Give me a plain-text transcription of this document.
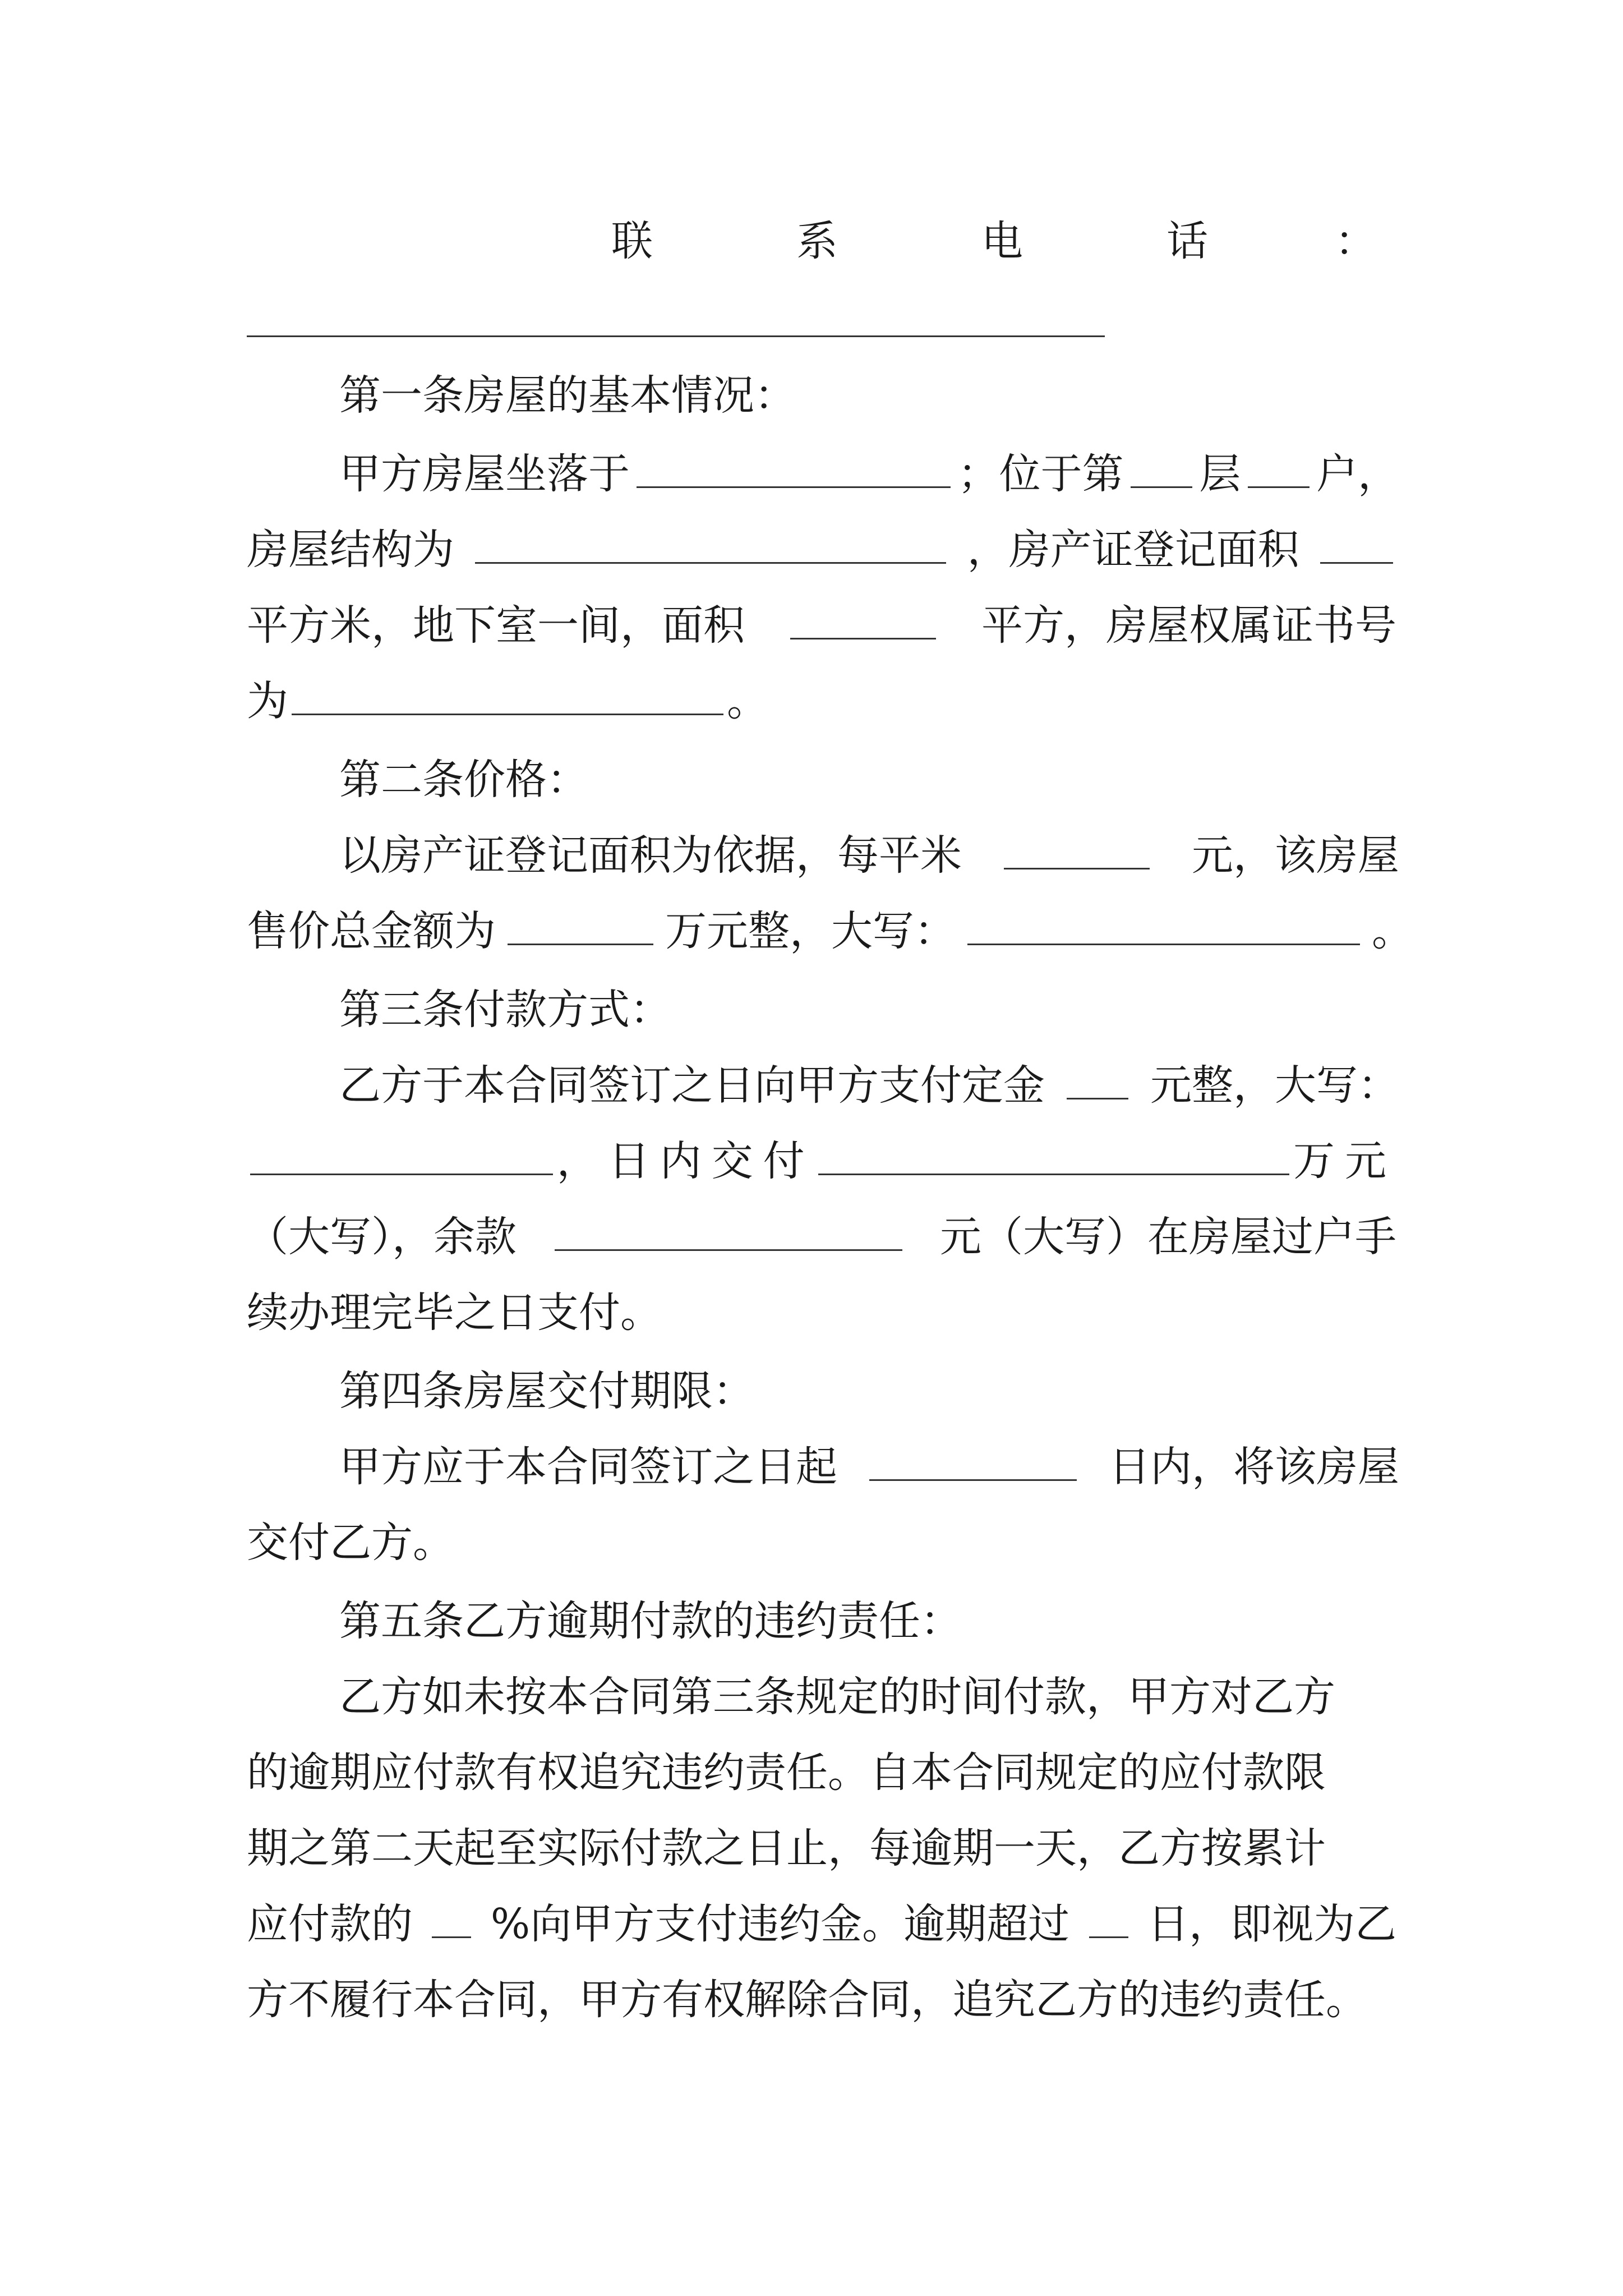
联	系	电	话	：
第一条房屋的基本情况：
甲方房屋坐落于	；位于第 层 户，
房屋结构为	，房产证登记面积
平方米，地下室一间，面积	平方，房屋权属证书号
为	。
第二条价格：
以房产证登记面积为依据，每平米	元，该房屋
售价总金额为	万元整，大写：	。
第三条付款方式：
乙方于本合同签订之日向甲方支付定金	元整，大写：
，日内交付	万元
（大写），余款	元（大写）在房屋过户手
续办理完毕之日支付。
第四条房屋交付期限：
甲方应于本合同签订之日起	日内，将该房屋
交付乙方。
第五条乙方逾期付款的违约责任：
乙方如未按本合同第三条规定的时间付款，甲方对乙方
的逾期应付款有权追究违约责任。自本合同规定的应付款限
期之第二天起至实际付款之日止，每逾期一天，乙方按累计
应付款的 %向甲方支付违约金。逾期超过 日，即视为乙
方不履行本合同，甲方有权解除合同，追究乙方的违约责任。
